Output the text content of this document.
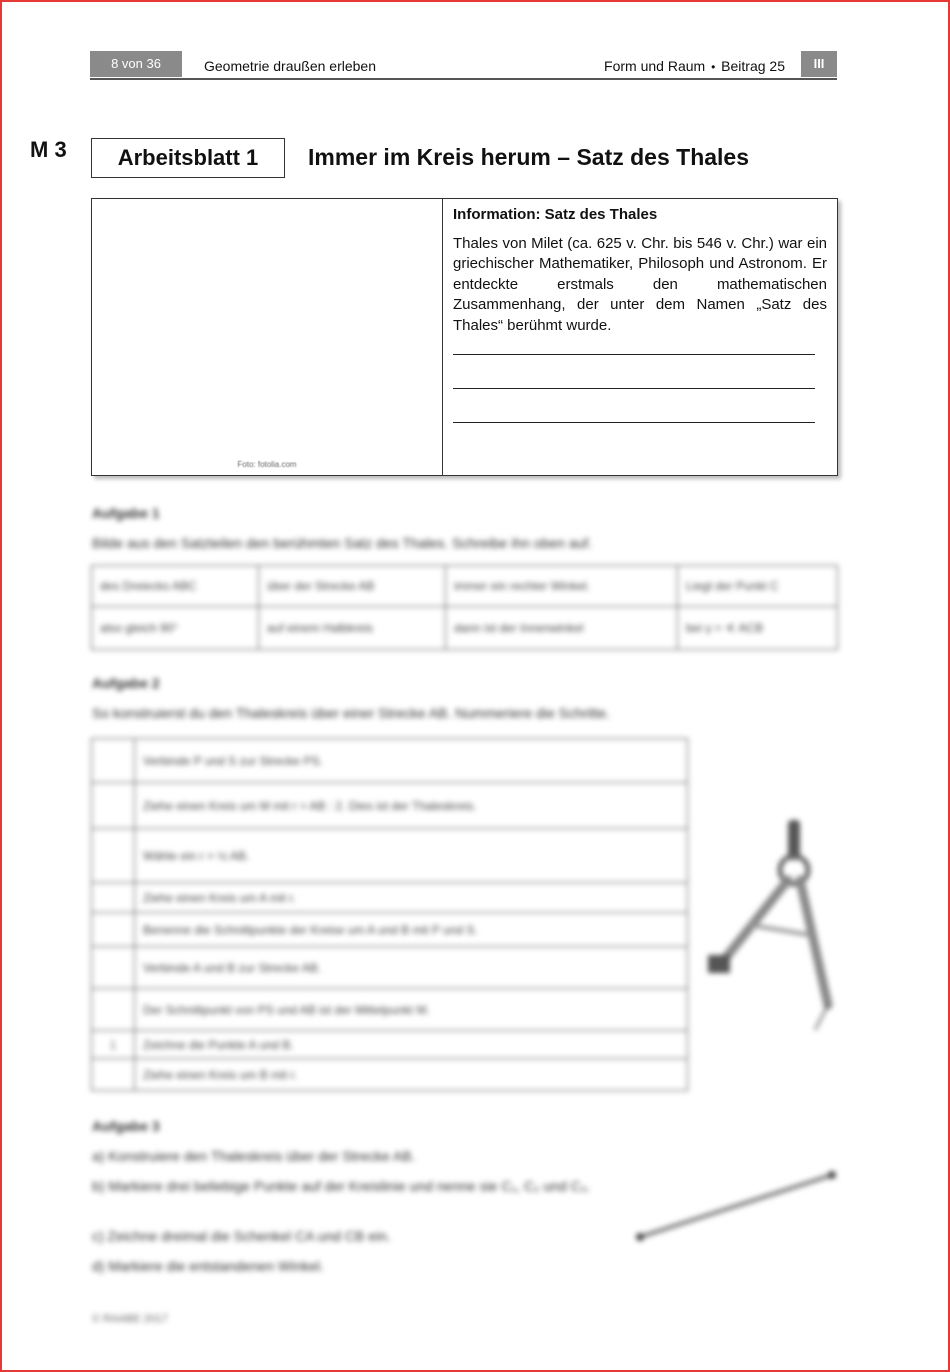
8 von 36	Geometrie draußen erleben	Form und Raum • Beitrag 25	III
M 3	Arbeitsblatt 1	Immer im Kreis herum – Satz des Thales
Foto: fotolia.com
Information: Satz des Thales
Thales von Milet (ca. 625 v. Chr. bis 546 v. Chr.) war ein griechischer Mathematiker, Philosoph und Astronom. Er entdeckte erstmals den mathematischen Zusammenhang, der unter dem Namen „Satz des Thales“ berühmt wurde.
Aufgabe 1
Bilde aus den Satzteilen den berühmten Satz des Thales. Schreibe ihn oben auf.
des Dreiecks ABC	über der Strecke AB	immer ein rechter Winkel.	Liegt der Punkt C
also gleich 90°	auf einem Halbkreis	dann ist der Innenwinkel	bei γ = ∢ ACB
Aufgabe 2
So konstruierst du den Thaleskreis über einer Strecke AB. Nummeriere die Schritte.
	Verbinde P und S zur Strecke PS.
	Ziehe einen Kreis um M mit r = AB : 2. Dies ist der Thaleskreis.
	Wähle ein r > ½ AB.
	Ziehe einen Kreis um A mit r.
	Benenne die Schnittpunkte der Kreise um A und B mit P und S.
	Verbinde A und B zur Strecke AB.
	Der Schnittpunkt von PS und AB ist der Mittelpunkt M.
1	Zeichne die Punkte A und B.
	Ziehe einen Kreis um B mit r.
Aufgabe 3
a) Konstruiere den Thaleskreis über der Strecke AB.
b) Markiere drei beliebige Punkte auf der Kreislinie und nenne sie C₁, C₂ und C₃.
c) Zeichne dreimal die Schenkel CA und CB ein.
d) Markiere die entstandenen Winkel.
© RAABE 2017
